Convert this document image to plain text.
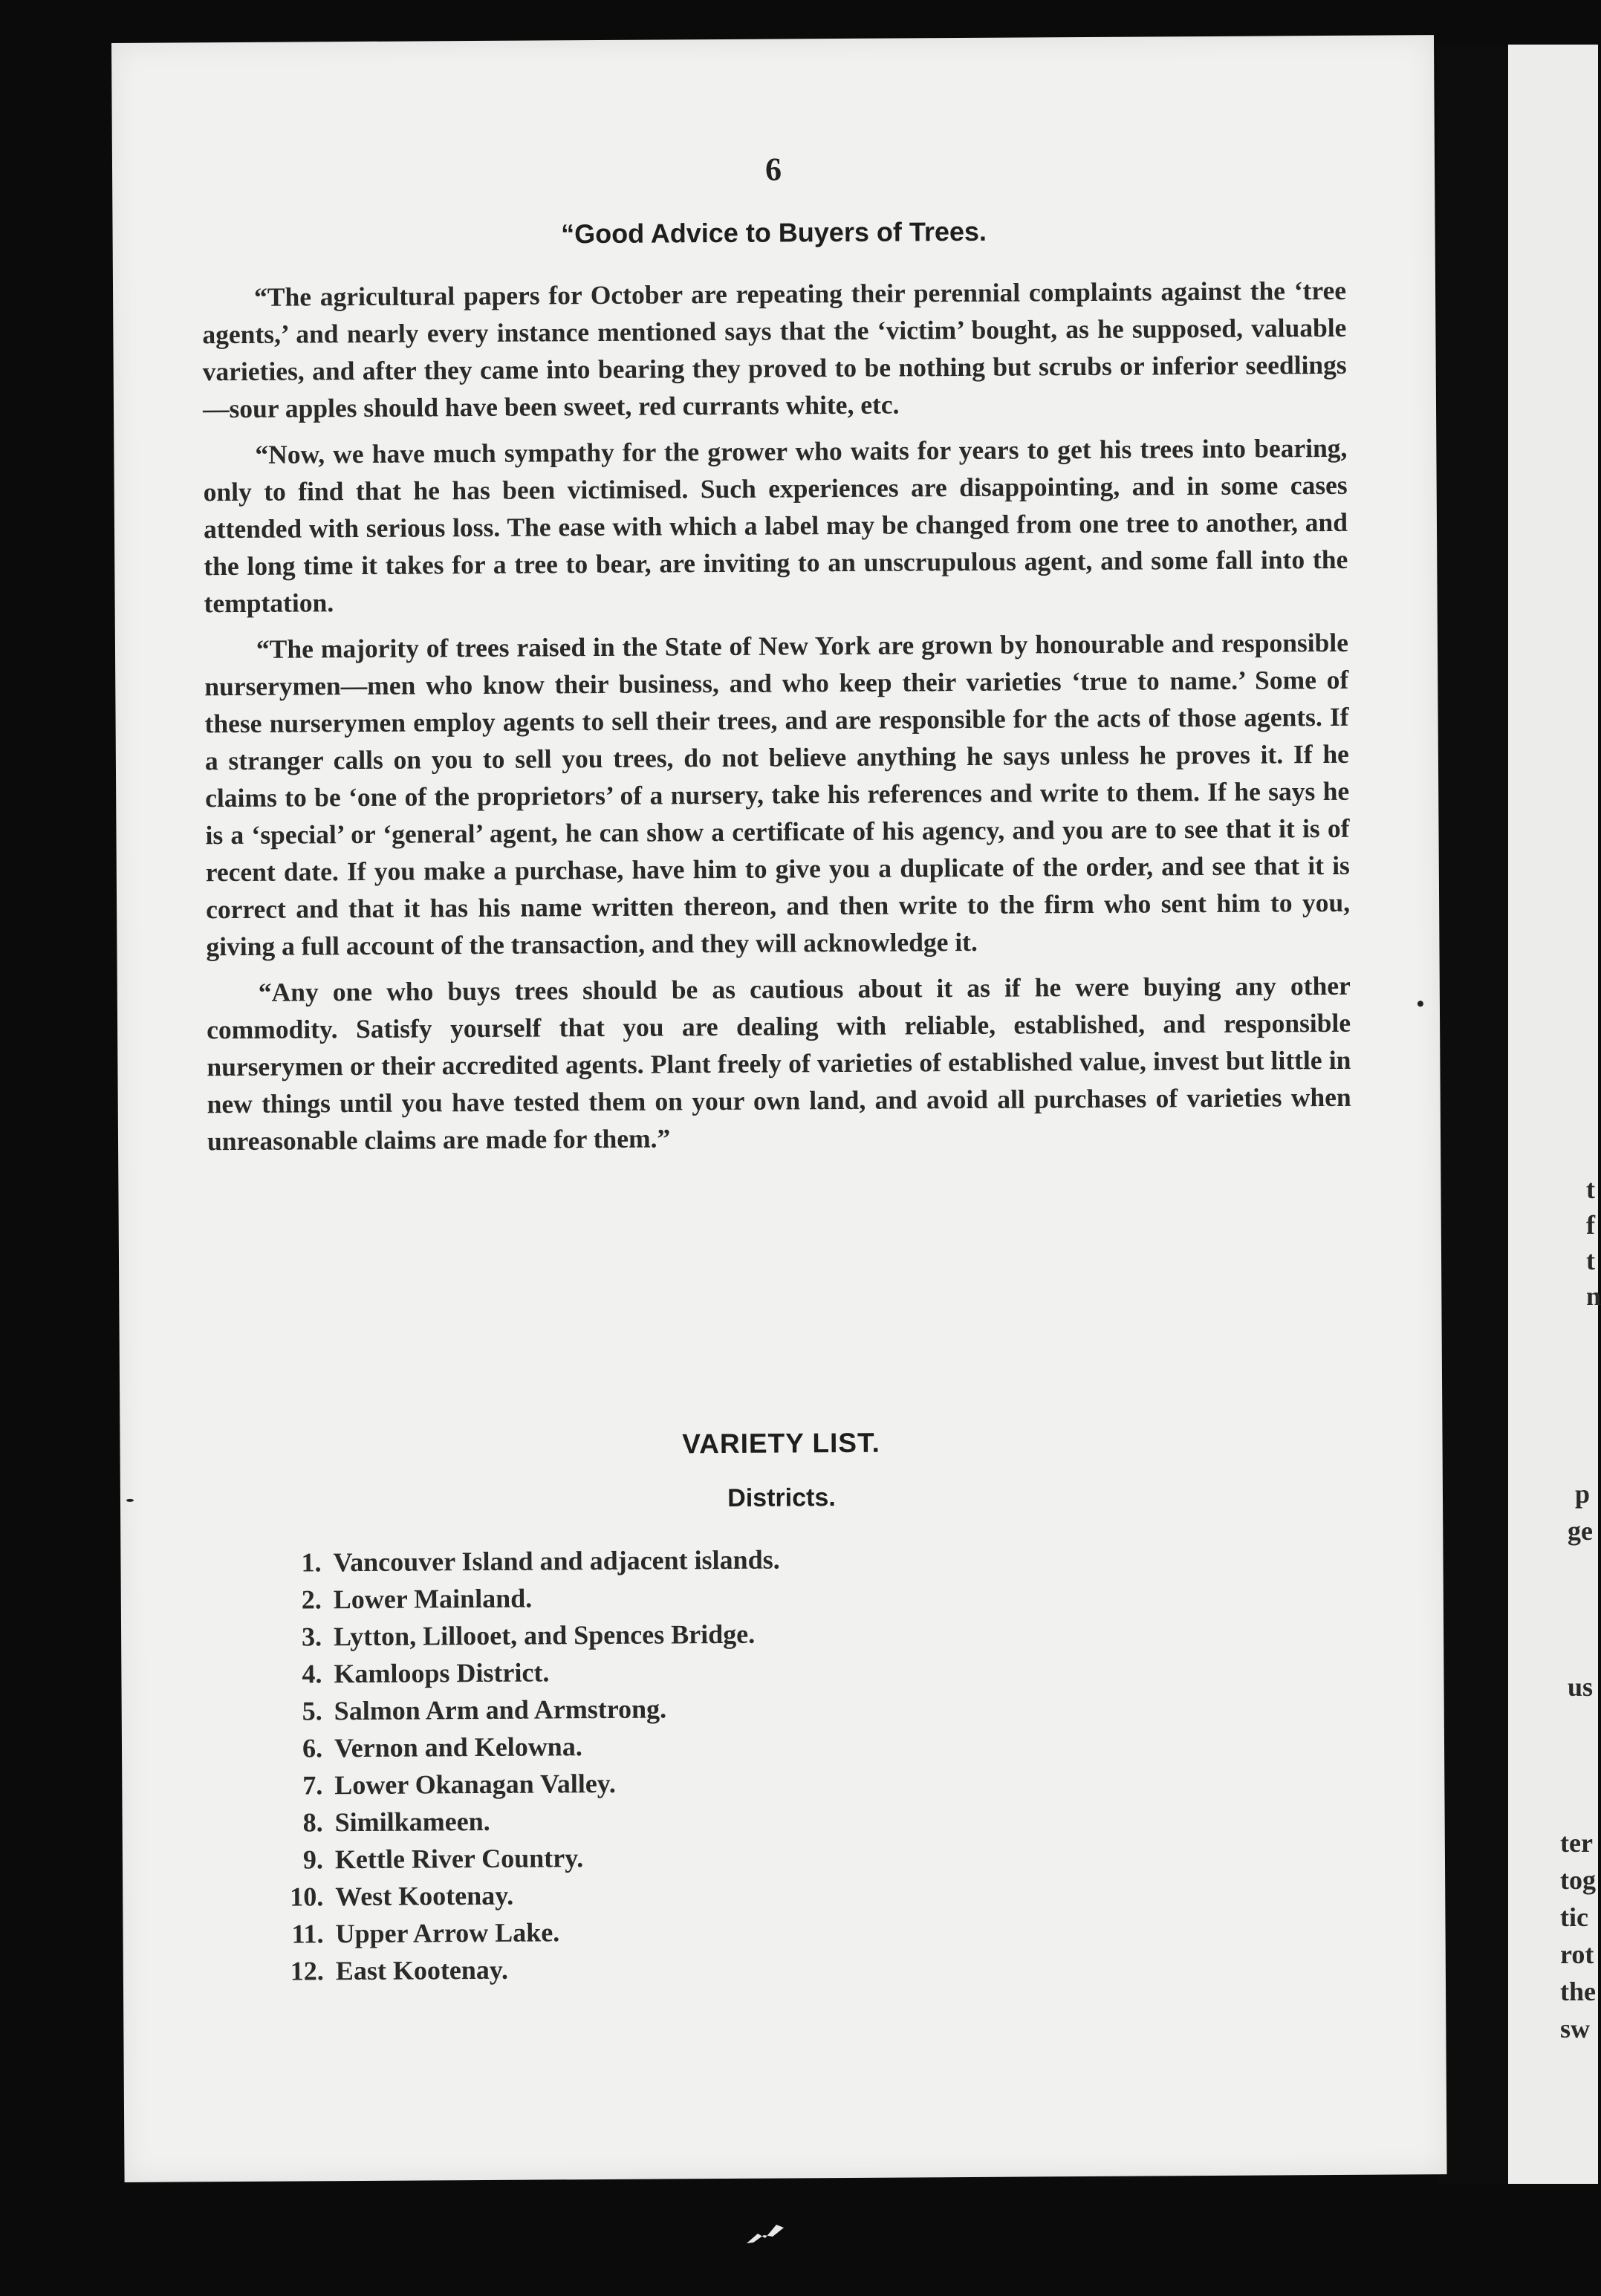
6
“Good Advice to Buyers of Trees.

“The agricultural papers for October are repeating their perennial complaints against the ‘tree agents,’ and nearly every instance mentioned says that the ‘victim’ bought, as he supposed, valuable varieties, and after they came into bearing they proved to be nothing but scrubs or inferior seedlings—sour apples should have been sweet, red currants white, etc.

“Now, we have much sympathy for the grower who waits for years to get his trees into bearing, only to find that he has been victimised. Such experiences are disappointing, and in some cases attended with serious loss. The ease with which a label may be changed from one tree to another, and the long time it takes for a tree to bear, are inviting to an unscrupulous agent, and some fall into the temptation.

“The majority of trees raised in the State of New York are grown by honourable and responsible nurserymen—men who know their business, and who keep their varieties ‘true to name.’ Some of these nurserymen employ agents to sell their trees, and are responsible for the acts of those agents. If a stranger calls on you to sell you trees, do not believe anything he says unless he proves it. If he claims to be ‘one of the proprietors’ of a nursery, take his references and write to them. If he says he is a ‘special’ or ‘general’ agent, he can show a certificate of his agency, and you are to see that it is of recent date. If you make a purchase, have him to give you a duplicate of the order, and see that it is correct and that it has his name written thereon, and then write to the firm who sent him to you, giving a full account of the transaction, and they will acknowledge it.

“Any one who buys trees should be as cautious about it as if he were buying any other commodity. Satisfy yourself that you are dealing with reliable, established, and responsible nurserymen or their accredited agents. Plant freely of varieties of established value, invest but little in new things until you have tested them on your own land, and avoid all purchases of varieties when unreasonable claims are made for them.”

VARIETY LIST.
Districts.
1. Vancouver Island and adjacent islands.
2. Lower Mainland.
3. Lytton, Lillooet, and Spences Bridge.
4. Kamloops District.
5. Salmon Arm and Armstrong.
6. Vernon and Kelowna.
7. Lower Okanagan Valley.
8. Similkameen.
9. Kettle River Country.
10. West Kootenay.
11. Upper Arrow Lake.
12. East Kootenay.
t
f
t
n
p
ge
us
ter
tog
tic
rot
the
sw
